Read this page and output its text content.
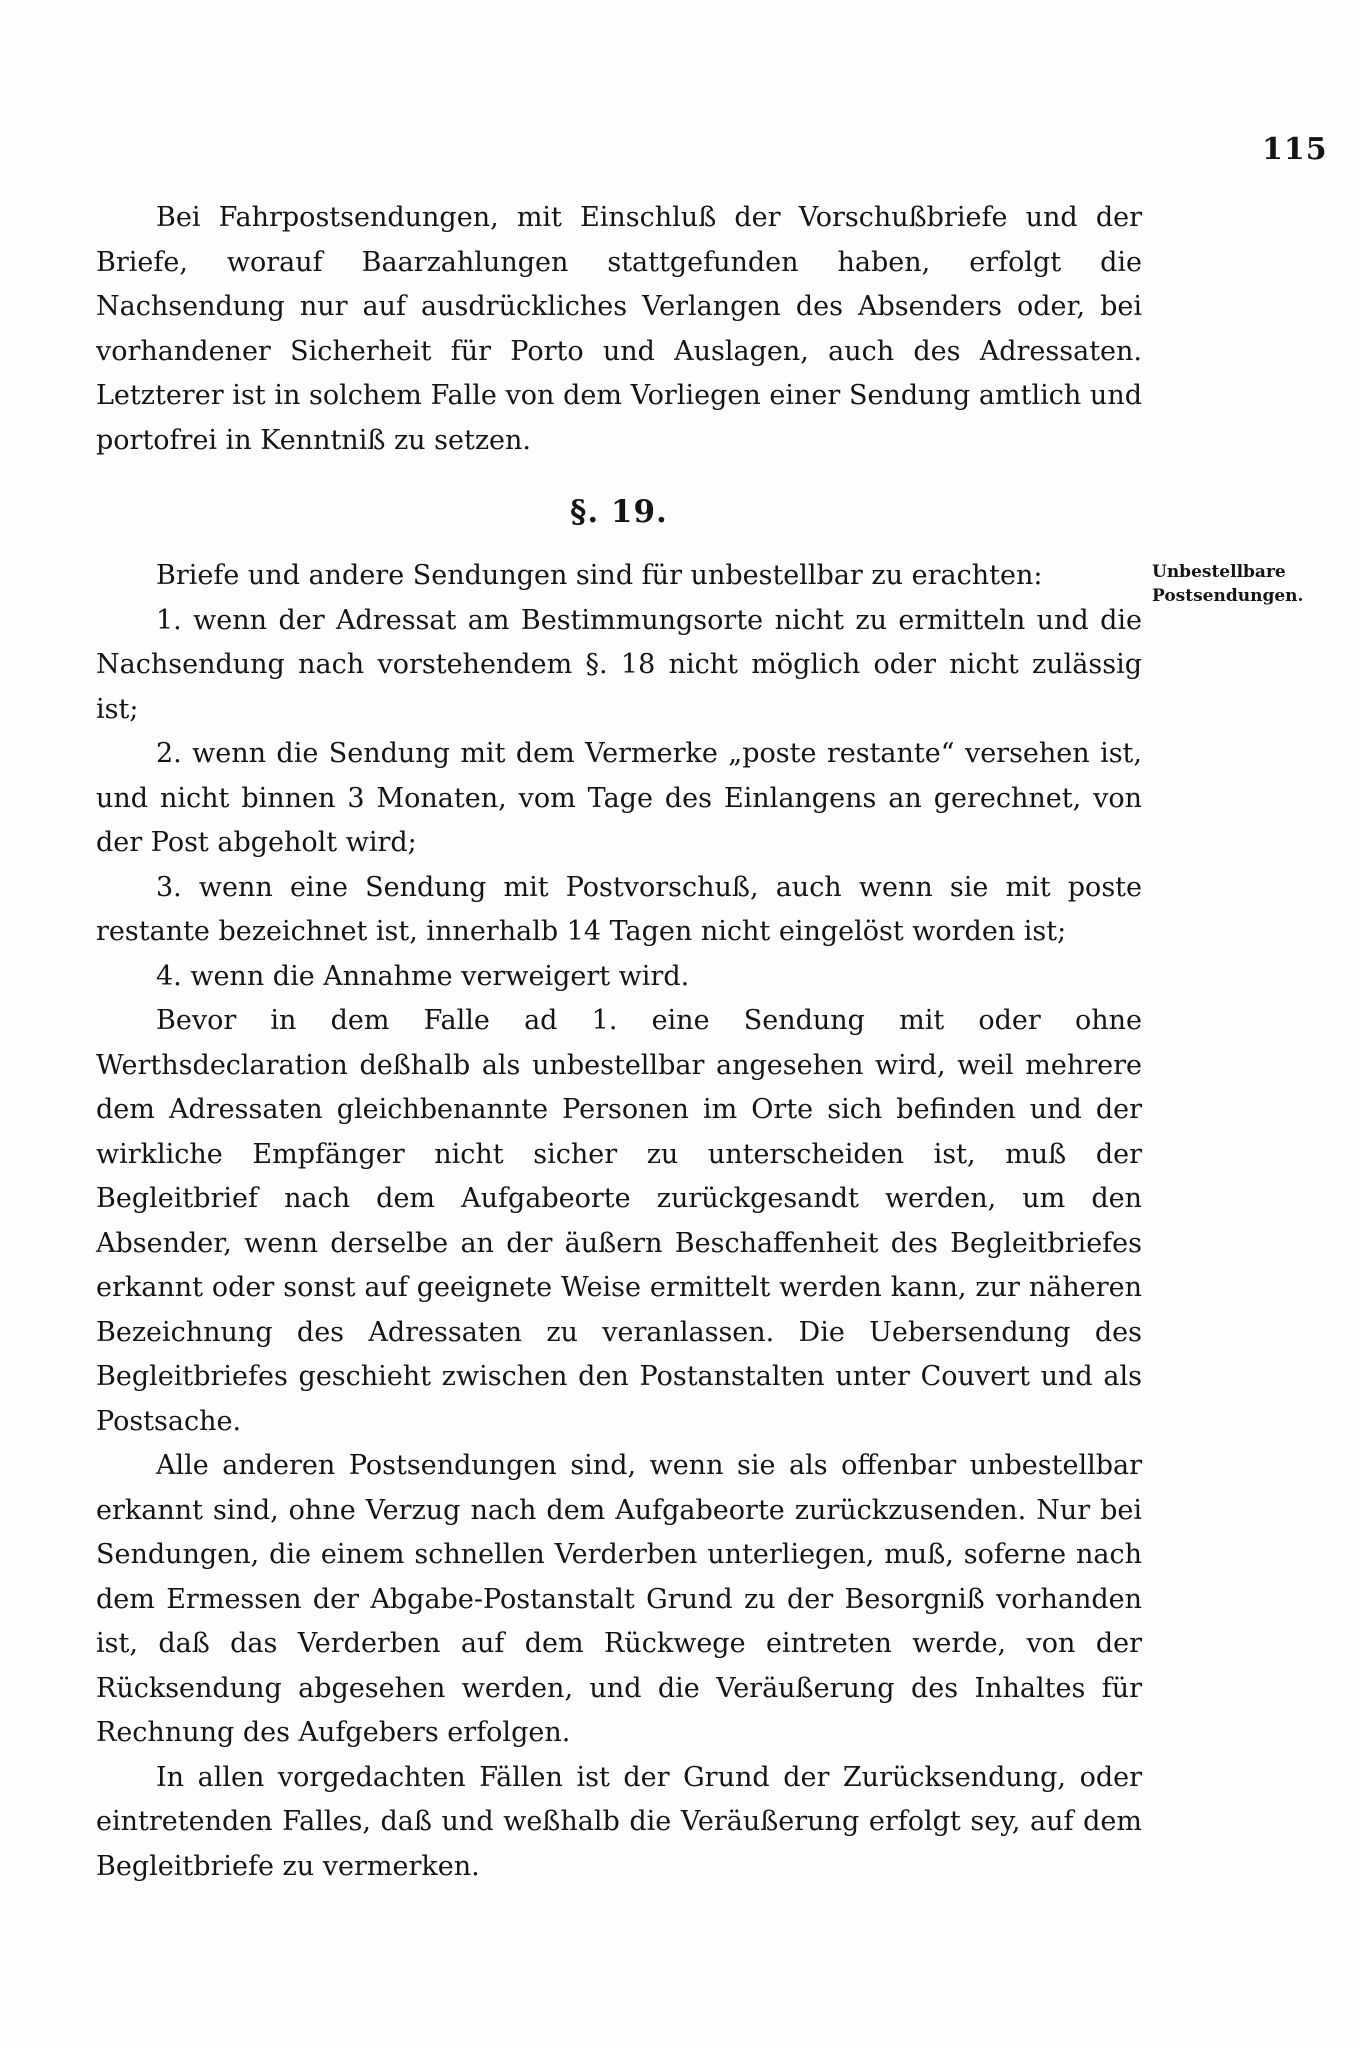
115

Bei Fahrpostsendungen, mit Einschluß der Vorschußbriefe und der Briefe, worauf Baarzahlungen stattgefunden haben, erfolgt die Nachsendung nur auf ausdrückliches Verlangen des Absenders oder, bei vorhandener Sicherheit für Porto und Auslagen, auch des Adressaten. Letzterer ist in solchem Falle von dem Vorliegen einer Sendung amtlich und portofrei in Kenntniß zu setzen.

§. 19.
Unbestellbare Postsendungen.

Briefe und andere Sendungen sind für unbestellbar zu erachten:

1. wenn der Adressat am Bestimmungsorte nicht zu ermitteln und die Nachsendung nach vorstehendem §. 18 nicht möglich oder nicht zulässig ist;

2. wenn die Sendung mit dem Vermerke „poste restante“ versehen ist, und nicht binnen 3 Monaten, vom Tage des Einlangens an gerechnet, von der Post abgeholt wird;

3. wenn eine Sendung mit Postvorschuß, auch wenn sie mit poste restante bezeichnet ist, innerhalb 14 Tagen nicht eingelöst worden ist;

4. wenn die Annahme verweigert wird.

Bevor in dem Falle ad 1. eine Sendung mit oder ohne Werthsdeclaration deßhalb als unbestellbar angesehen wird, weil mehrere dem Adressaten gleichbenannte Personen im Orte sich befinden und der wirkliche Empfänger nicht sicher zu unterscheiden ist, muß der Begleitbrief nach dem Aufgabeorte zurückgesandt werden, um den Absender, wenn derselbe an der äußern Beschaffenheit des Begleitbriefes erkannt oder sonst auf geeignete Weise ermittelt werden kann, zur näheren Bezeichnung des Adressaten zu veranlassen. Die Uebersendung des Begleitbriefes geschieht zwischen den Postanstalten unter Couvert und als Postsache.

Alle anderen Postsendungen sind, wenn sie als offenbar unbestellbar erkannt sind, ohne Verzug nach dem Aufgabeorte zurückzusenden. Nur bei Sendungen, die einem schnellen Verderben unterliegen, muß, soferne nach dem Ermessen der Abgabe-Postanstalt Grund zu der Besorgniß vorhanden ist, daß das Verderben auf dem Rückwege eintreten werde, von der Rücksendung abgesehen werden, und die Veräußerung des Inhaltes für Rechnung des Aufgebers erfolgen.

In allen vorgedachten Fällen ist der Grund der Zurücksendung, oder eintretenden Falles, daß und weßhalb die Veräußerung erfolgt sey, auf dem Begleitbriefe zu vermerken.
